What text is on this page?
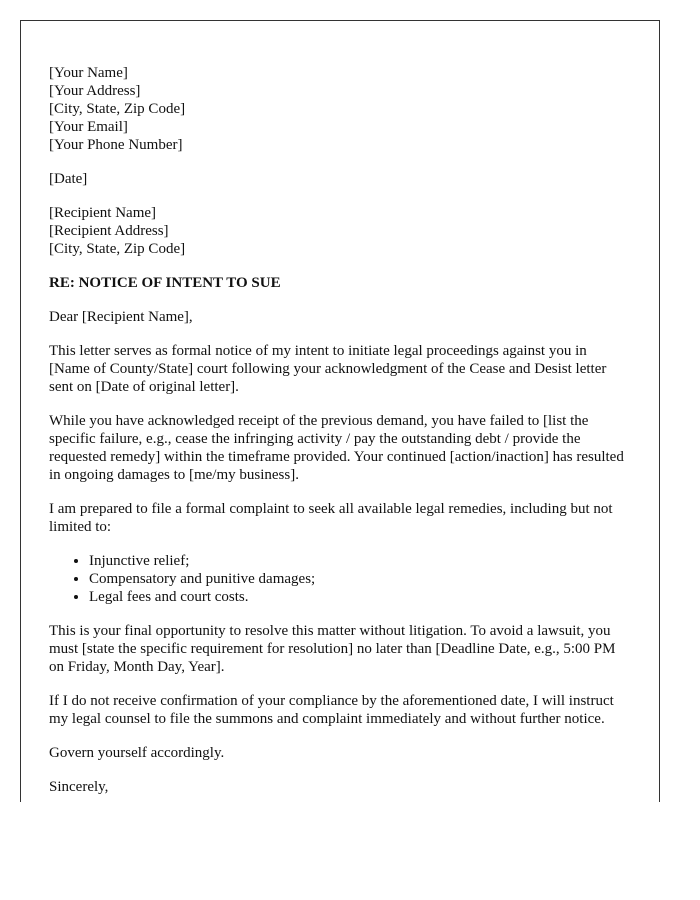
[Your Name]
[Your Address]
[City, State, Zip Code]
[Your Email]
[Your Phone Number]

[Date]

[Recipient Name]
[Recipient Address]
[City, State, Zip Code]

RE: NOTICE OF INTENT TO SUE

Dear [Recipient Name],

This letter serves as formal notice of my intent to initiate legal proceedings against you in [Name of County/State] court following your acknowledgment of the Cease and Desist letter sent on [Date of original letter].

While you have acknowledged receipt of the previous demand, you have failed to [list the specific failure, e.g., cease the infringing activity / pay the outstanding debt / provide the requested remedy] within the timeframe provided. Your continued [action/inaction] has resulted in ongoing damages to [me/my business].

I am prepared to file a formal complaint to seek all available legal remedies, including but not limited to:

• Injunctive relief;
• Compensatory and punitive damages;
• Legal fees and court costs.

This is your final opportunity to resolve this matter without litigation. To avoid a lawsuit, you must [state the specific requirement for resolution] no later than [Deadline Date, e.g., 5:00 PM on Friday, Month Day, Year].

If I do not receive confirmation of your compliance by the aforementioned date, I will instruct my legal counsel to file the summons and complaint immediately and without further notice.

Govern yourself accordingly.

Sincerely,
